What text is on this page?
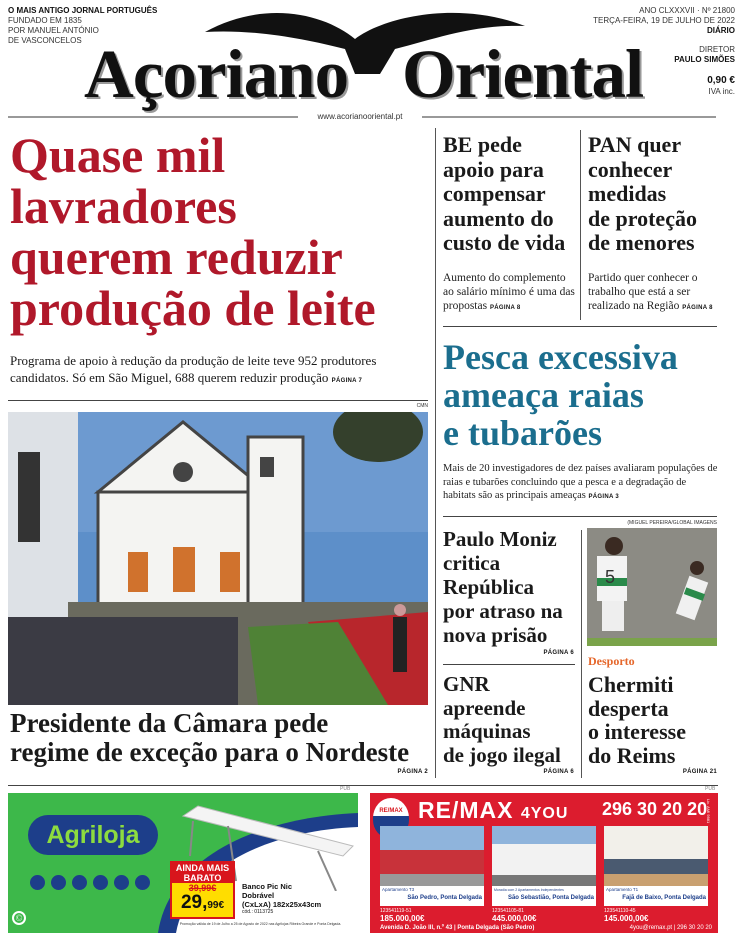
O MAIS ANTIGO JORNAL PORTUGUÊS
FUNDADO EM 1835
POR MANUEL ANTÓNIO
DE VASCONCELOS Açoriano Oriental
ANO CLXXXVII · Nº 21800
TERÇA-FEIRA, 19 DE JULHO DE 2022
DIÁRIO
DIRETOR
PAULO SIMÕES
0,90 €
IVA inc.
www.acorianooriental.pt
Quase mil
lavradores
querem reduzir
produção de leite
Programa de apoio à redução da produção de leite teve 952 produtores candidatos. Só em São Miguel, 688 querem reduzir produção PÁGINA 7
CMN
Presidente da Câmara pede
regime de exceção para o Nordeste
PÁGINA 2
BE pede
apoio para
compensar
aumento do
custo de vida
Aumento do complemento ao salário mínimo é uma das propostas PÁGINA 8
PAN quer
conhecer
medidas
de proteção
de menores
Partido quer conhecer o trabalho que está a ser realizado na Região PÁGINA 8
Pesca excessiva
ameaça raias
e tubarões
Mais de 20 investigadores de dez países avaliaram populações de raias e tubarões concluindo que a pesca e a degradação de habitats são as principais ameaças PÁGINA 3
Paulo Moniz
critica
República
por atraso na
nova prisão
PÁGINA 6
GNR
apreende
máquinas
de jogo ilegal
PÁGINA 6
(MIGUEL PEREIRA/GLOBAL IMAGENS
5
Desporto
Chermiti
desperta
o interesse
do Reims
PÁGINA 21
Agriloja
©
AINDA MAIS
BARATO
39,99€
29,99€
Banco Pic Nic
Dobrável
(CxLxA) 182x25x43cm
cód.: 0113725
Promoção válida de 19 de Julho a 25 de Agosto de 2022 nas Agrilojas Ribeira Grande e Ponta Delgada.
PUB	PUB
RE/MAX RE/MAX 4YOU 296 30 20 20
Lic. AMI 9981
Apartamento T3
São Pedro, Ponta Delgada
Moradia com 2 Apartamentos Independentes
São Sebastião, Ponta Delgada
Apartamento T1
Fajã de Baixo, Ponta Delgada
123541119-51
185.000,00€
123541105-81
445.000,00€
123541110-45
145.000,00€
Avenida D. João III, n.º 43 | Ponta Delgada (São Pedro)	4you@remax.pt | 296 30 20 20
